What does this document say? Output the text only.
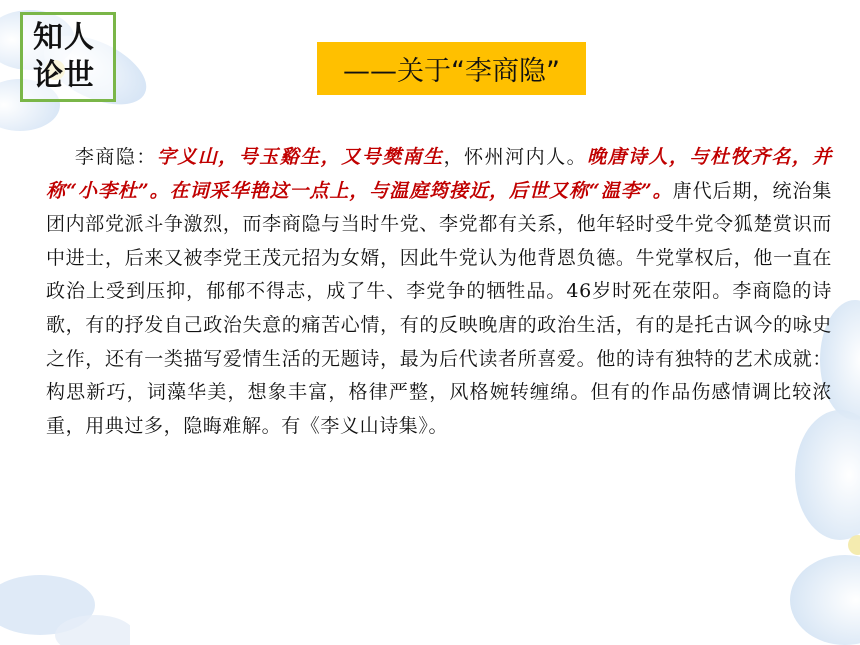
知人
论世	——关于“李商隐”
李商隐：字义山，号玉谿生，又号樊南生，怀州河内人。晚唐诗人，与杜牧齐名，并称“小李杜”。在词采华艳这一点上，与温庭筠接近，后世又称“温李”。唐代后期，统治集团内部党派斗争激烈，而李商隐与当时牛党、李党都有关系，他年轻时受牛党令狐楚赏识而中进士，后来又被李党王茂元招为女婿，因此牛党认为他背恩负德。牛党掌权后，他一直在政治上受到压抑，郁郁不得志，成了牛、李党争的牺牲品。46岁时死在荥阳。李商隐的诗歌，有的抒发自己政治失意的痛苦心情，有的反映晚唐的政治生活，有的是托古讽今的咏史之作，还有一类描写爱情生活的无题诗，最为后代读者所喜爱。他的诗有独特的艺术成就：构思新巧，词藻华美，想象丰富，格律严整，风格婉转缠绵。但有的作品伤感情调比较浓重，用典过多，隐晦难解。有《李义山诗集》。
